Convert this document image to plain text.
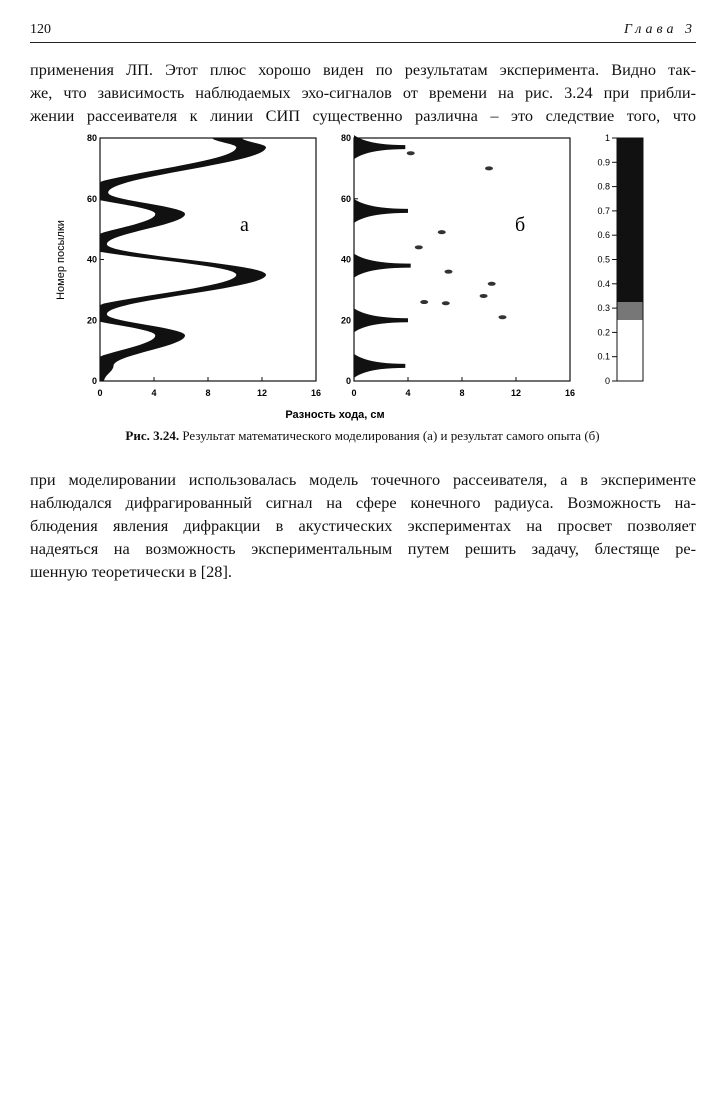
120	Глава 3
применения ЛП. Этот плюс хорошо виден по результатам эксперимента. Видно так-
же, что зависимость наблюдаемых эхо-сигналов от времени на рис. 3.24 при прибли-
жении рассеивателя к линии СИП существенно различна – это следствие того, что
0	4	8	12	16
0
20
40
60
80
а
0	4	8	12	16
0
20
40
60
80
б
0
0.1
0.2
0.3
0.4
0.5
0.6
0.7
0.8
0.9
1
Номер посылки
Разность хода, см
Рис. 3.24. Результат математического моделирования (а) и результат самого опыта (б)
при моделировании использовалась модель точечного рассеивателя, а в эксперименте
наблюдался дифрагированный сигнал на сфере конечного радиуса. Возможность на-
блюдения явления дифракции в акустических экспериментах на просвет позволяет
надеяться на возможность экспериментальным путем решить задачу, блестяще ре-
шенную теоретически в [28].
